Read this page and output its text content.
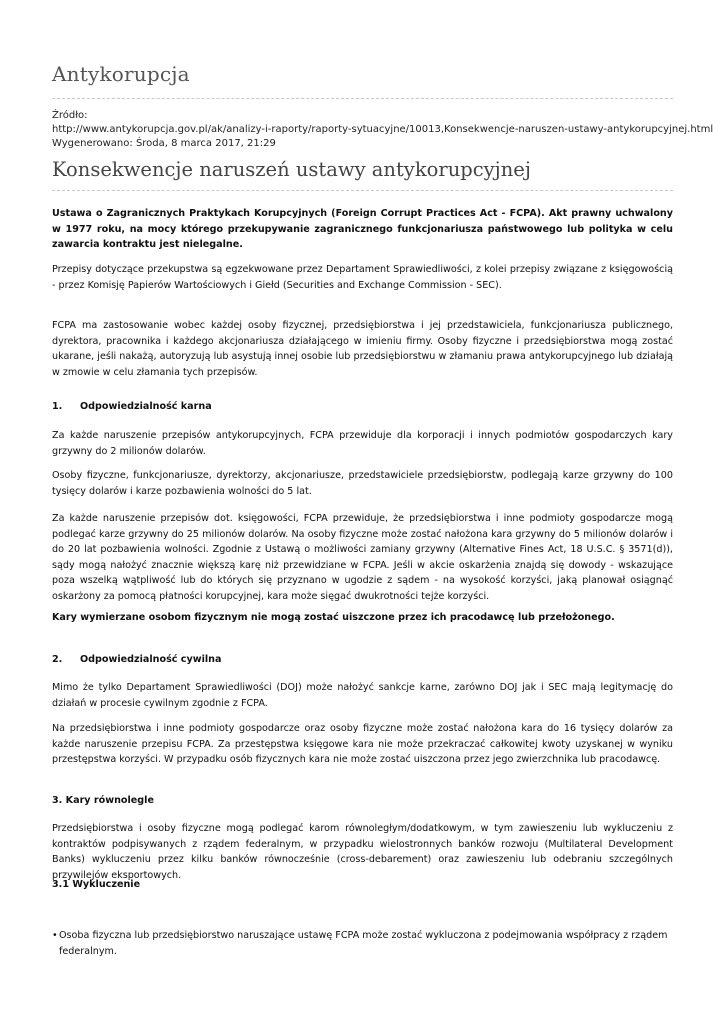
Antykorupcja
Źródło:
http://www.antykorupcja.gov.pl/ak/analizy-i-raporty/raporty-sytuacyjne/10013,Konsekwencje-naruszen-ustawy-antykorupcyjnej.html
Wygenerowano: Środa, 8 marca 2017, 21:29
Konsekwencje naruszeń ustawy antykorupcyjnej

Ustawa o Zagranicznych Praktykach Korupcyjnych (Foreign Corrupt Practices Act - FCPA). Akt prawny uchwalony w 1977 roku, na mocy którego przekupywanie zagranicznego funkcjonariusza państwowego lub polityka w celu zawarcia kontraktu jest nielegalne.

Przepisy dotyczące przekupstwa są egzekwowane przez Departament Sprawiedliwości, z kolei przepisy związane z księgowością - przez Komisję Papierów Wartościowych i Giełd (Securities and Exchange Commission - SEC).

FCPA ma zastosowanie wobec każdej osoby fizycznej, przedsiębiorstwa i jej przedstawiciela, funkcjonariusza publicznego, dyrektora, pracownika i każdego akcjonariusza działającego w imieniu firmy. Osoby fizyczne i przedsiębiorstwa mogą zostać ukarane, jeśli nakażą, autoryzują lub asystują innej osobie lub przedsiębiorstwu w złamaniu prawa antykorupcyjnego lub działają w zmowie w celu złamania tych przepisów.

1. Odpowiedzialność karna

Za każde naruszenie przepisów antykorupcyjnych, FCPA przewiduje dla korporacji i innych podmiotów gospodarczych kary grzywny do 2 milionów dolarów.

Osoby fizyczne, funkcjonariusze, dyrektorzy, akcjonariusze, przedstawiciele przedsiębiorstw, podlegają karze grzywny do 100 tysięcy dolarów i karze pozbawienia wolności do 5 lat.

Za każde naruszenie przepisów dot. księgowości, FCPA przewiduje, że przedsiębiorstwa i inne podmioty gospodarcze mogą podlegać karze grzywny do 25 milionów dolarów. Na osoby fizyczne może zostać nałożona kara grzywny do 5 milionów dolarów i do 20 lat pozbawienia wolności. Zgodnie z Ustawą o możliwości zamiany grzywny (Alternative Fines Act, 18 U.S.C. § 3571(d)), sądy mogą nałożyć znacznie większą karę niż przewidziane w FCPA. Jeśli w akcie oskarżenia znajdą się dowody - wskazujące poza wszelką wątpliwość lub do których się przyznano w ugodzie z sądem - na wysokość korzyści, jaką planował osiągnąć oskarżony za pomocą płatności korupcyjnej, kara może sięgać dwukrotności tejże korzyści.

Kary wymierzane osobom fizycznym nie mogą zostać uiszczone przez ich pracodawcę lub przełożonego.

2. Odpowiedzialność cywilna

Mimo że tylko Departament Sprawiedliwości (DOJ) może nałożyć sankcje karne, zarówno DOJ jak i SEC mają legitymację do działań w procesie cywilnym zgodnie z FCPA.

Na przedsiębiorstwa i inne podmioty gospodarcze oraz osoby fizyczne może zostać nałożona kara do 16 tysięcy dolarów za każde naruszenie przepisu FCPA. Za przestępstwa księgowe kara nie może przekraczać całkowitej kwoty uzyskanej w wyniku przestępstwa korzyści. W przypadku osób fizycznych kara nie może zostać uiszczona przez jego zwierzchnika lub pracodawcę.

3. Kary równolegle

Przedsiębiorstwa i osoby fizyczne mogą podlegać karom równoległym/dodatkowym, w tym zawieszeniu lub wykluczeniu z kontraktów podpisywanych z rządem federalnym, w przypadku wielostronnych banków rozwoju (Multilateral Development Banks) wykluczeniu przez kilku banków równocześnie (cross-debarement) oraz zawieszeniu lub odebraniu szczególnych przywilejów eksportowych.

3.1 Wykluczenie
• Osoba fizyczna lub przedsiębiorstwo naruszające ustawę FCPA może zostać wykluczona z podejmowania współpracy z rządem federalnym.
